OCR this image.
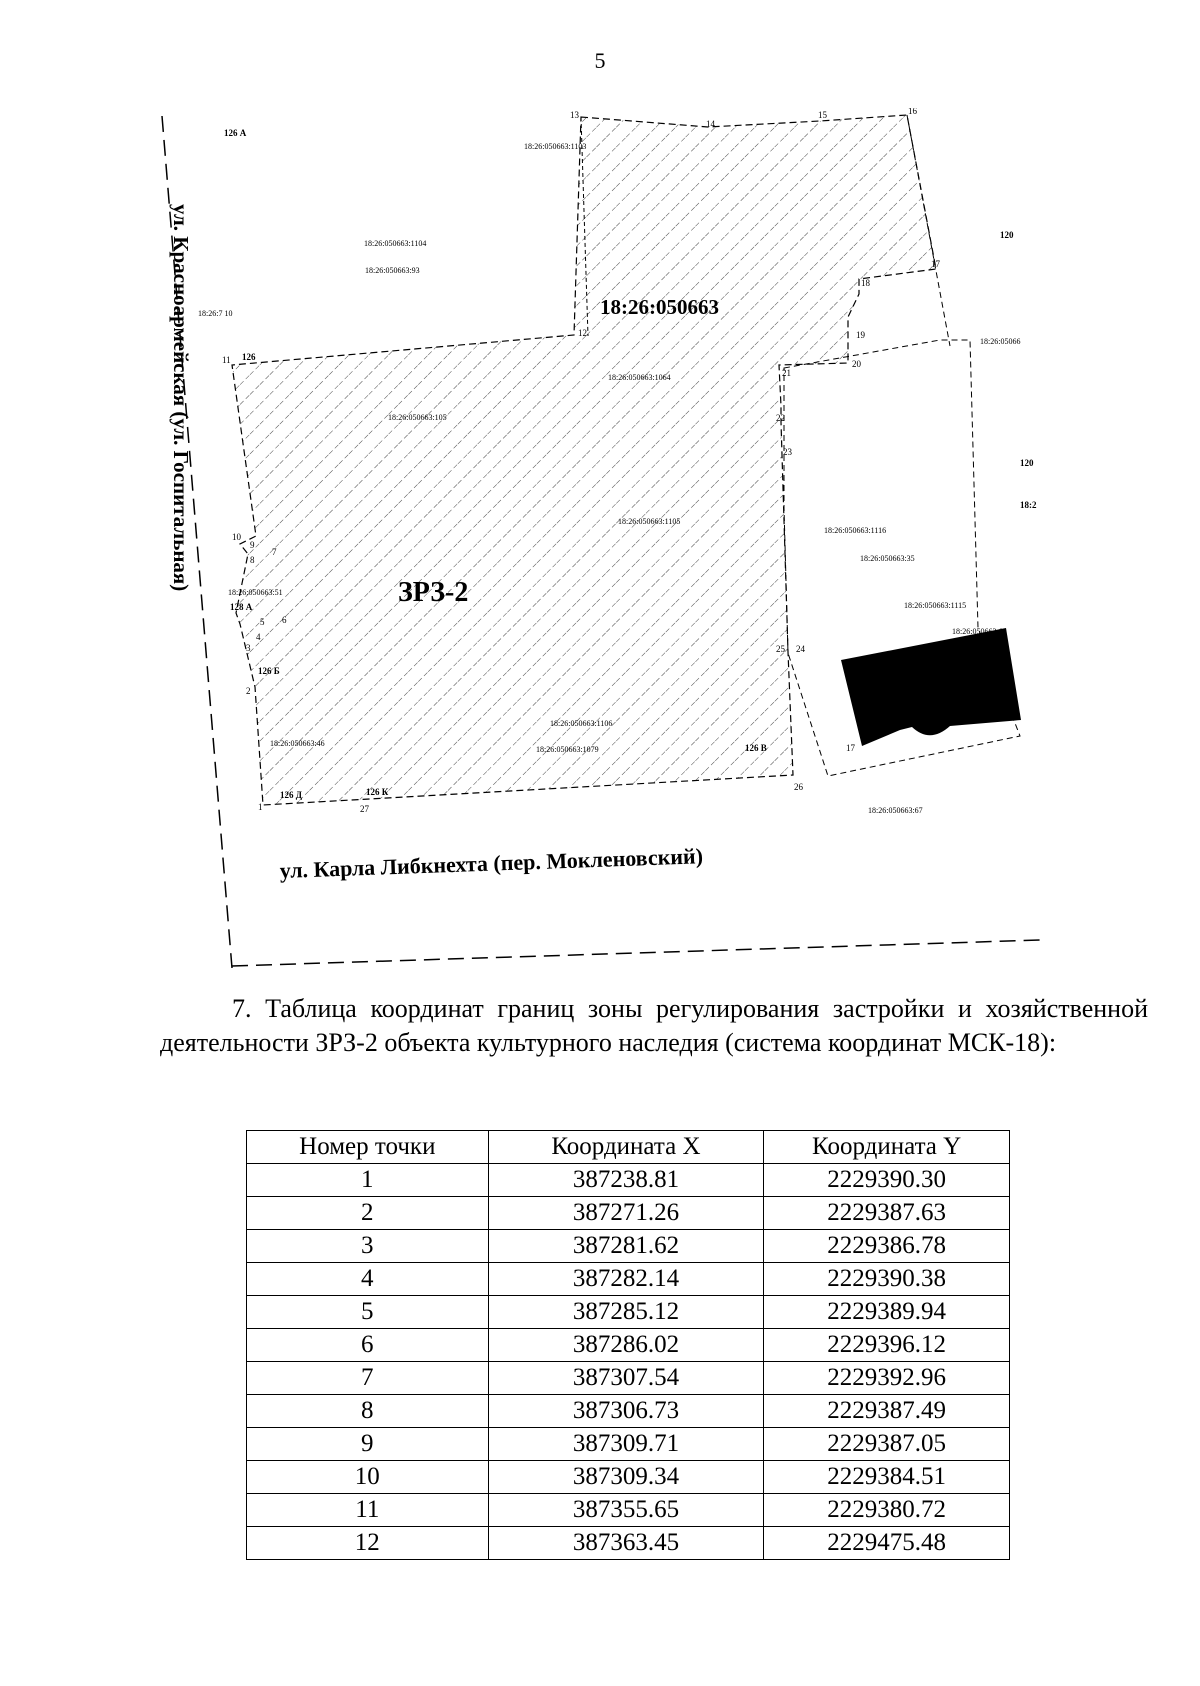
5
ул. Красноармейская (ул. Госпитальная)
ул. Карла Либкнехта (пер. Мокленовский)
ЗРЗ-2
18:26:050663
18:26:050663:1103
18:26:050663:1104
18:26:050663:93
18:26:050663:1064
18:26:050663:105
18:26:050663:1105
18:26:050663:51
18:26:050663:46
18:26:050663:1106
18:26:050663:1079
18:26:050663:1116
18:26:050663:35
18:26:050663:1115
18:26:050663:62
18:26:050663:67
18:26:7 10
18:26:05066
126 А
126
128 А
126 Б
126 Д	126 К
126 В
120
120
18:2
1
2
3
4
5 6
7
8
9
10
11
12
13
14
15	16
17
18
19
20
21
22
23
24
25
26
27
17
7. Таблица координат границ зоны регулирования застройки и хозяйственной деятельности ЗРЗ-2 объекта культурного наследия (система координат МСК-18):
Номер точки	Координата X	Координата Y
1	387238.81	2229390.30
2	387271.26	2229387.63
3	387281.62	2229386.78
4	387282.14	2229390.38
5	387285.12	2229389.94
6	387286.02	2229396.12
7	387307.54	2229392.96
8	387306.73	2229387.49
9	387309.71	2229387.05
10	387309.34	2229384.51
11	387355.65	2229380.72
12	387363.45	2229475.48
